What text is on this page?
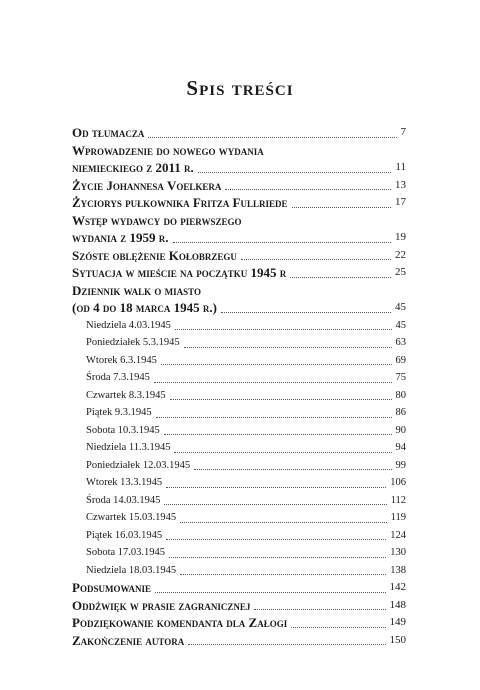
Spis treści
Od tłumacza	7
Wprowadzenie do nowego wydania
niemieckiego z 2011 r.	11
Życie Johannesa Voelkera	13
Życiorys pułkownika Fritza Fullriede	17
Wstęp wydawcy do pierwszego
wydania z 1959 r.	19
Szóste oblężenie Kołobrzegu	22
Sytuacja w mieście na początku 1945 r	25
Dziennik walk o miasto
(od 4 do 18 marca 1945 r.)	45
Niedziela 4.03.1945	45
Poniedziałek 5.3.1945	63
Wtorek 6.3.1945	69
Środa 7.3.1945	75
Czwartek 8.3.1945	80
Piątek 9.3.1945	86
Sobota 10.3.1945	90
Niedziela 11.3.1945	94
Poniedziałek 12.03.1945	99
Wtorek 13.3.1945	106
Środa 14.03.1945	112
Czwartek 15.03.1945	119
Piątek 16.03.1945	124
Sobota 17.03.1945	130
Niedziela 18.03.1945	138
Podsumowanie	142
Oddźwięk w prasie zagranicznej	148
Podziękowanie komendanta dla Załogi	149
Zakończenie autora	150
